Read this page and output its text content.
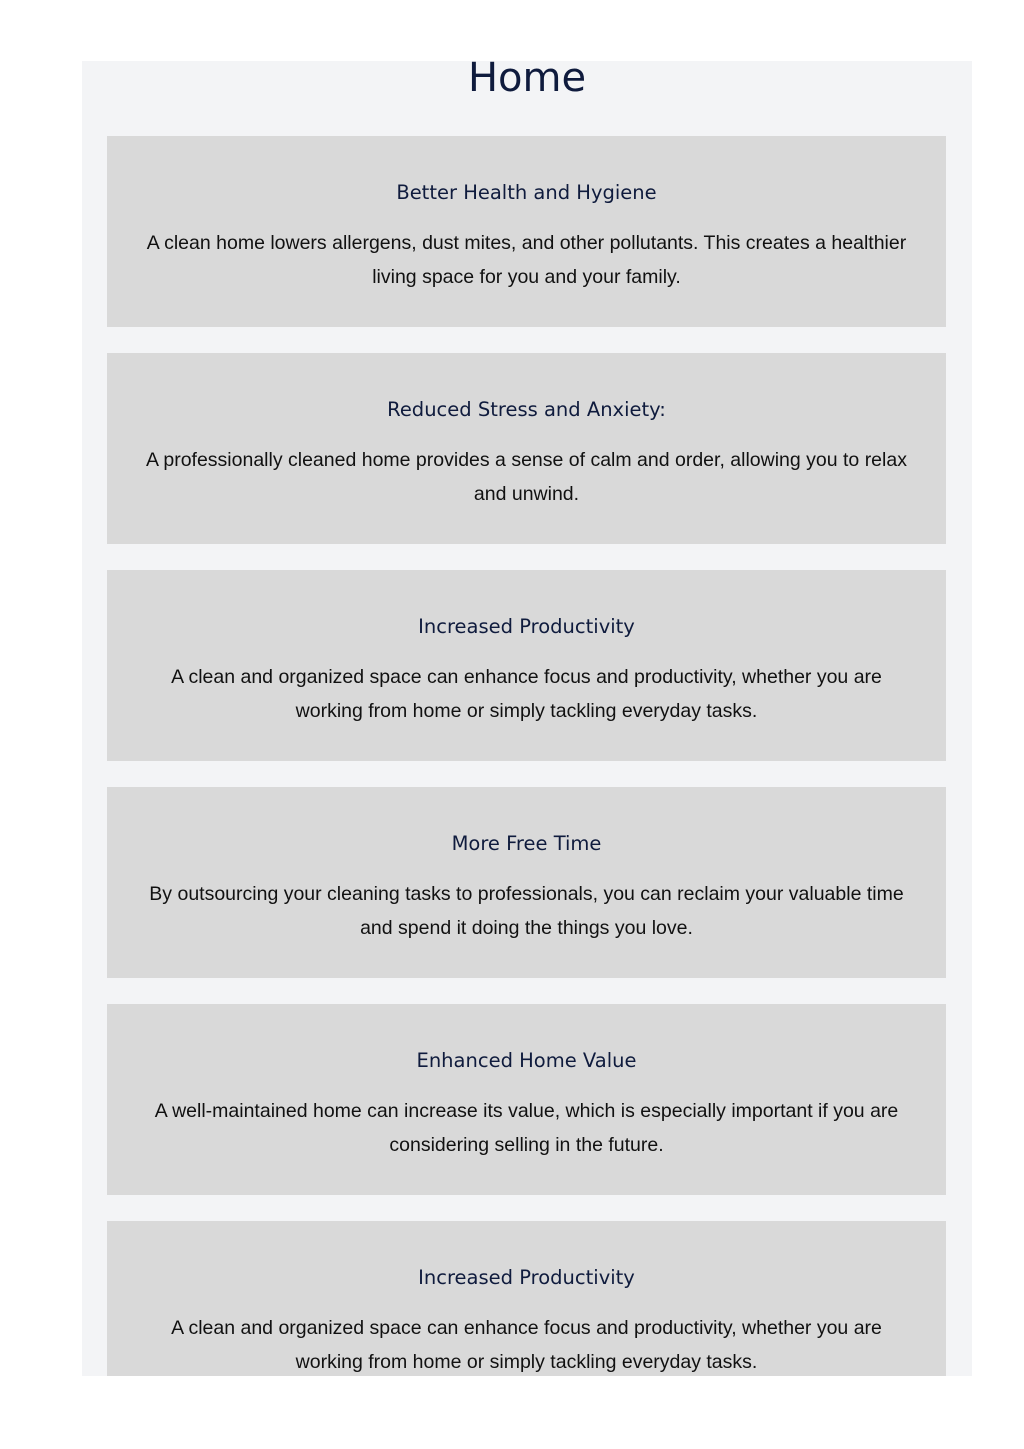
Home
Better Health and Hygiene

A clean home lowers allergens, dust mites, and other pollutants. This creates a healthier living space for you and your family.

Reduced Stress and Anxiety:

A professionally cleaned home provides a sense of calm and order, allowing you to relax and unwind.

Increased Productivity

A clean and organized space can enhance focus and productivity, whether you are working from home or simply tackling everyday tasks.

More Free Time

By outsourcing your cleaning tasks to professionals, you can reclaim your valuable time and spend it doing the things you love.

Enhanced Home Value

A well-maintained home can increase its value, which is especially important if you are considering selling in the future.

Increased Productivity

A clean and organized space can enhance focus and productivity, whether you are working from home or simply tackling everyday tasks.
